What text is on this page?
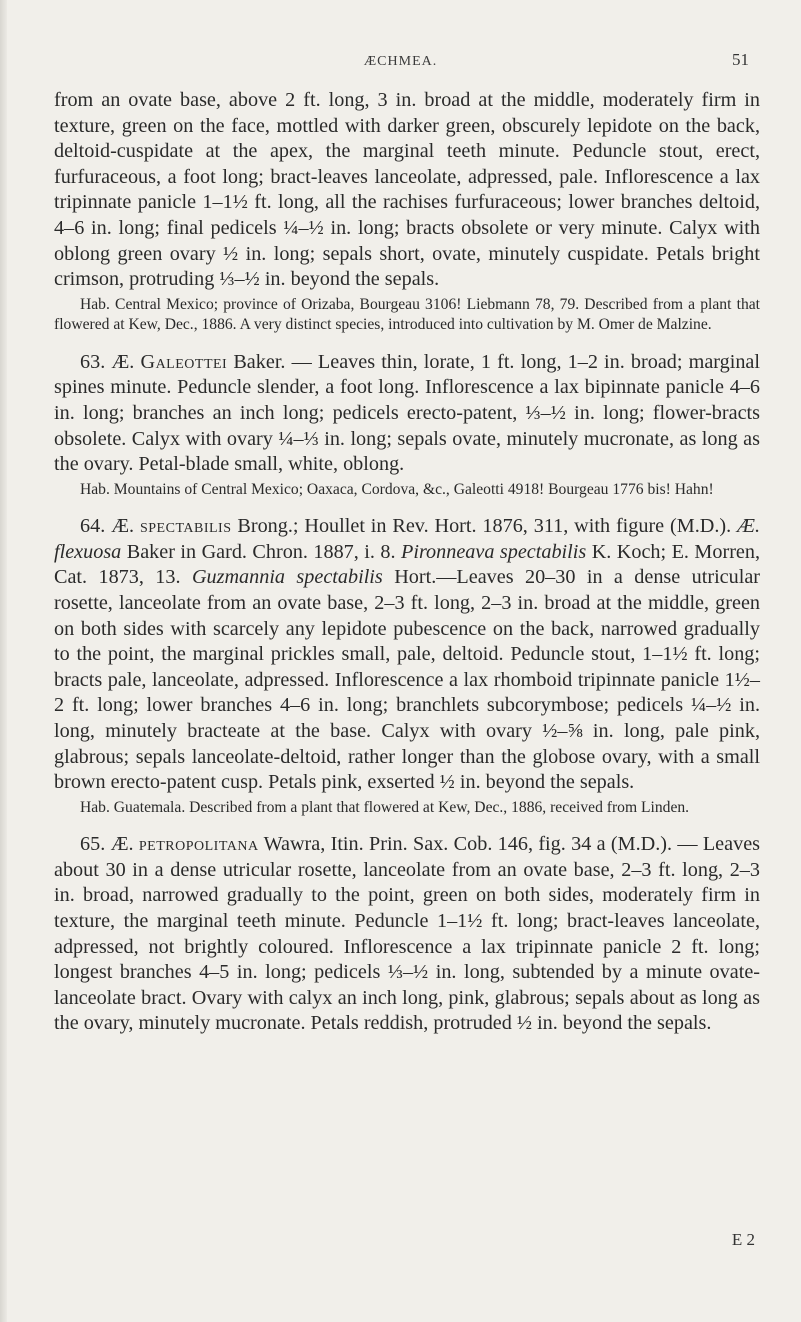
ÆCHMEA.	51

from an ovate base, above 2 ft. long, 3 in. broad at the middle, moderately firm in texture, green on the face, mottled with darker green, obscurely lepidote on the back, deltoid-cuspidate at the apex, the marginal teeth minute. Peduncle stout, erect, furfuraceous, a foot long; bract-leaves lanceolate, adpressed, pale. Inflorescence a lax tripinnate panicle 1–1½ ft. long, all the rachises furfuraceous; lower branches deltoid, 4–6 in. long; final pedicels ¼–½ in. long; bracts obsolete or very minute. Calyx with oblong green ovary ½ in. long; sepals short, ovate, minutely cuspidate. Petals bright crimson, protruding ⅓–½ in. beyond the sepals.

Hab. Central Mexico; province of Orizaba, Bourgeau 3106! Liebmann 78, 79. Described from a plant that flowered at Kew, Dec., 1886. A very distinct species, introduced into cultivation by M. Omer de Malzine.

63. Æ. Galeottei Baker. — Leaves thin, lorate, 1 ft. long, 1–2 in. broad; marginal spines minute. Peduncle slender, a foot long. Inflorescence a lax bipinnate panicle 4–6 in. long; branches an inch long; pedicels erecto-patent, ⅓–½ in. long; flower-bracts obsolete. Calyx with ovary ¼–⅓ in. long; sepals ovate, minutely mucronate, as long as the ovary. Petal-blade small, white, oblong.

Hab. Mountains of Central Mexico; Oaxaca, Cordova, &c., Galeotti 4918! Bourgeau 1776 bis! Hahn!

64. Æ. spectabilis Brong.; Houllet in Rev. Hort. 1876, 311, with figure (M.D.). Æ. flexuosa Baker in Gard. Chron. 1887, i. 8. Pironneava spectabilis K. Koch; E. Morren, Cat. 1873, 13. Guzmannia spectabilis Hort.—Leaves 20–30 in a dense utricular rosette, lanceolate from an ovate base, 2–3 ft. long, 2–3 in. broad at the middle, green on both sides with scarcely any lepidote pubescence on the back, narrowed gradually to the point, the marginal prickles small, pale, deltoid. Peduncle stout, 1–1½ ft. long; bracts pale, lanceolate, adpressed. Inflorescence a lax rhomboid tripinnate panicle 1½–2 ft. long; lower branches 4–6 in. long; branchlets subcorymbose; pedicels ¼–½ in. long, minutely bracteate at the base. Calyx with ovary ½–⅝ in. long, pale pink, glabrous; sepals lanceolate-deltoid, rather longer than the globose ovary, with a small brown erecto-patent cusp. Petals pink, exserted ½ in. beyond the sepals.

Hab. Guatemala. Described from a plant that flowered at Kew, Dec., 1886, received from Linden.

65. Æ. petropolitana Wawra, Itin. Prin. Sax. Cob. 146, fig. 34 a (M.D.). — Leaves about 30 in a dense utricular rosette, lanceolate from an ovate base, 2–3 ft. long, 2–3 in. broad, narrowed gradually to the point, green on both sides, moderately firm in texture, the marginal teeth minute. Peduncle 1–1½ ft. long; bract-leaves lanceolate, adpressed, not brightly coloured. Inflorescence a lax tripinnate panicle 2 ft. long; longest branches 4–5 in. long; pedicels ⅓–½ in. long, subtended by a minute ovate-lanceolate bract. Ovary with calyx an inch long, pink, glabrous; sepals about as long as the ovary, minutely mucronate. Petals reddish, protruded ½ in. beyond the sepals.

E 2
